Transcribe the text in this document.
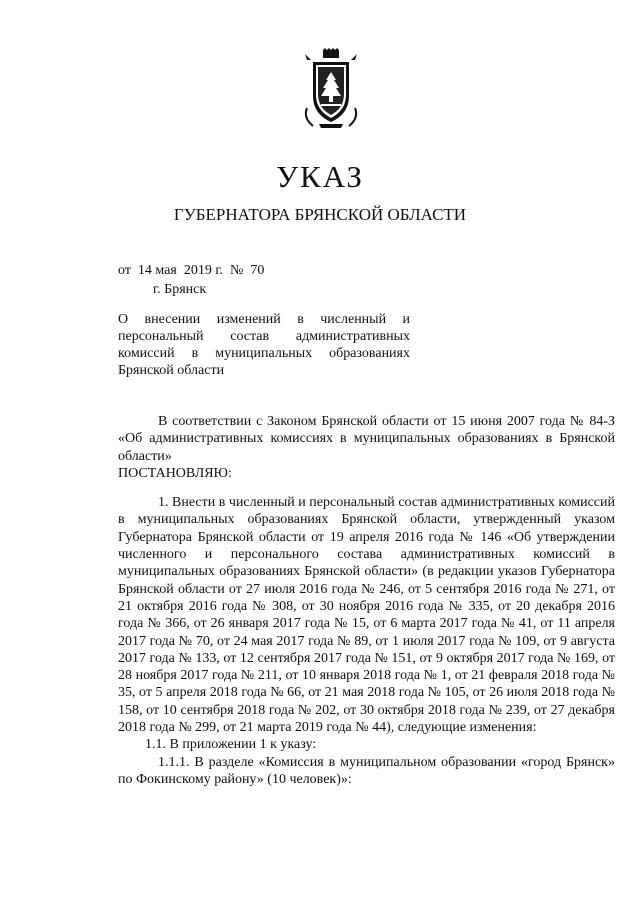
УКАЗ
ГУБЕРНАТОРА БРЯНСКОЙ ОБЛАСТИ
от  14 мая  2019 г.  №  70
г. Брянск
О внесении изменений в численный и персональный состав административных комиссий в муниципальных образованиях Брянской области

В соответствии с Законом Брянской области от 15 июня 2007 года № 84-З «Об административных комиссиях в муниципальных образованиях в Брянской области»

ПОСТАНОВЛЯЮ:

1. Внести в численный и персональный состав административных комиссий в муниципальных образованиях Брянской области, утвержденный указом Губернатора Брянской области от 19 апреля 2016 года № 146 «Об утверждении численного и персонального состава административных комиссий в муниципальных образованиях Брянской области» (в редакции указов Губернатора Брянской области от 27 июля 2016 года № 246, от 5 сентября 2016 года № 271, от 21 октября 2016 года № 308, от 30 ноября 2016 года № 335, от 20 декабря 2016 года № 366, от 26 января 2017 года № 15, от 6 марта 2017 года № 41, от 11 апреля 2017 года № 70, от 24 мая 2017 года № 89, от 1 июля 2017 года № 109, от 9 августа 2017 года № 133, от 12 сентября 2017 года № 151, от 9 октября 2017 года № 169, от 28 ноября 2017 года № 211, от 10 января 2018 года № 1, от 21 февраля 2018 года № 35, от 5 апреля 2018 года № 66, от 21 мая 2018 года № 105, от 26 июля 2018 года № 158, от 10 сентября 2018 года № 202, от 30 октября 2018 года № 239, от 27 декабря 2018 года № 299, от 21 марта 2019 года № 44), следующие изменения:

1.1. В приложении 1 к указу:

1.1.1. В разделе «Комиссия в муниципальном образовании «город Брянск» по Фокинскому району» (10 человек)»:
